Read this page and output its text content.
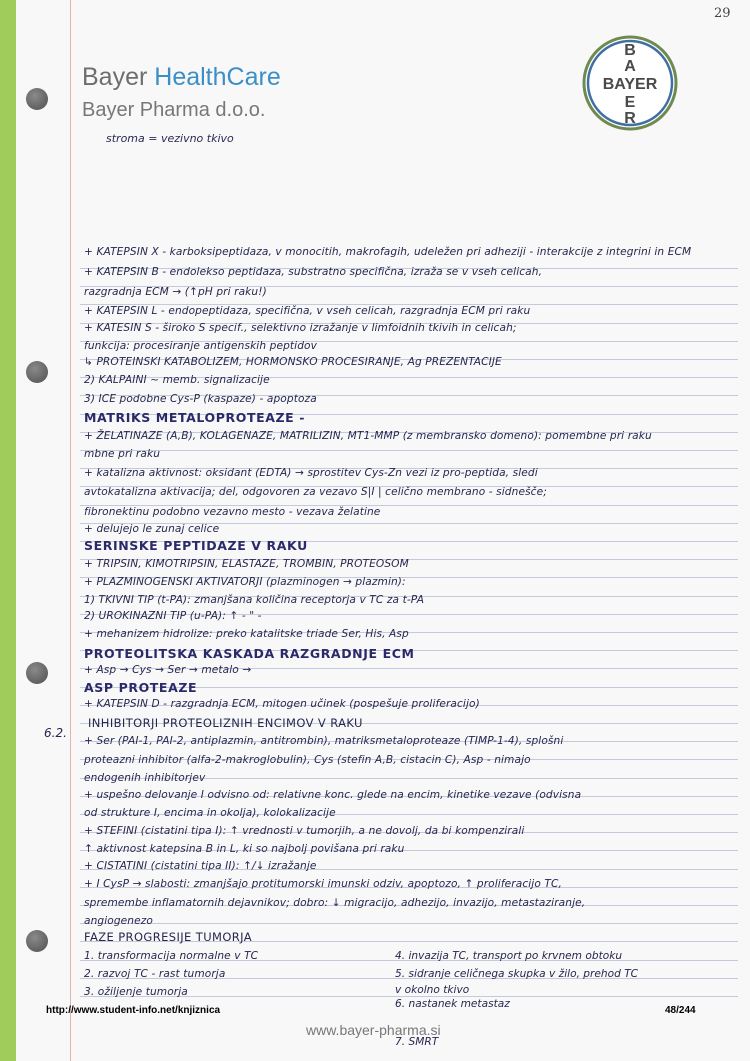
29
Bayer HealthCare
Bayer Pharma d.o.o.
stroma = vezivno tkivo
B
A
BAYER
E
R
+ KATEPSIN X - karboksipeptidaza, v monocitih, makrofagih, udeležen pri adheziji - interakcije z integrini in ECM
+ KATEPSIN B - endolekso peptidaza, substratno specifična, izraža se v vseh celicah,
razgradnja ECM → (↑pH pri raku!)
+ KATEPSIN L - endopeptidaza, specifična, v vseh celicah, razgradnja ECM pri raku
+ KATESIN S - široko S specif., selektivno izražanje v limfoidnih tkivih in celicah;
funkcija: procesiranje antigenskih peptidov
↳ PROTEINSKI KATABOLIZEM, HORMONSKO PROCESIRANJE, Ag PREZENTACIJE
2) KALPAINI ~ memb. signalizacije
3) ICE podobne Cys-P (kaspaze) - apoptoza
MATRIKS METALOPROTEAZE -
+ ŽELATINAZE (A,B), KOLAGENAZE, MATRILIZIN, MT1-MMP (z membransko domeno): pomembne pri raku
mbne pri raku
+ katalizna aktivnost: oksidant (EDTA) → sprostitev Cys-Zn vezi iz pro-peptida, sledi
avtokatalizna aktivacija; del, odgovoren za vezavo S|I | celično membrano - sidnešče;
fibronektinu podobno vezavno mesto - vezava želatine
+ delujejo le zunaj celice
SERINSKE PEPTIDAZE V RAKU
+ TRIPSIN, KIMOTRIPSIN, ELASTAZE, TROMBIN, PROTEOSOM
+ PLAZMINOGENSKI AKTIVATORJI (plazminogen → plazmin):
1) TKIVNI TIP (t-PA): zmanjšana količina receptorja v TC za t-PA
2) UROKINAZNI TIP (u-PA): ↑ - " -
+ mehanizem hidrolize: preko katalitske triade Ser, His, Asp
PROTEOLITSKA KASKADA RAZGRADNJE ECM
+ Asp → Cys → Ser → metalo →
ASP PROTEAZE
+ KATEPSIN D - razgradnja ECM, mitogen učinek (pospešuje proliferacijo)
INHIBITORJI PROTEOLIZNIH ENCIMOV V RAKU
+ Ser (PAI-1, PAI-2, antiplazmin, antitrombin), matriksmetaloproteaze (TIMP-1-4), splošni
proteazni inhibitor (alfa-2-makroglobulin), Cys (stefin A,B, cistacin C), Asp - nimajo
endogenih inhibitorjev
+ uspešno delovanje I odvisno od: relativne konc. glede na encim, kinetike vezave (odvisna
od strukture I, encima in okolja), kolokalizacije
+ STEFINI (cistatini tipa I): ↑ vrednosti v tumorjih, a ne dovolj, da bi kompenzirali
↑ aktivnost katepsina B in L, ki so najbolj povišana pri raku
+ CISTATINI (cistatini tipa II): ↑/↓ izražanje
+ I CysP → slabosti: zmanjšajo protitumorski imunski odziv, apoptozo, ↑ proliferacijo TC,
spremembe inflamatornih dejavnikov; dobro: ↓ migracijo, adhezijo, invazijo, metastaziranje,
angiogenezo
FAZE PROGRESIJE TUMORJA
1. transformacija normalne v TC
2. razvoj TC - rast tumorja
3. ožiljenje tumorja
6.2.
4. invazija TC, transport po krvnem obtoku
5. sidranje celičnega skupka v žilo, prehod TC
v okolno tkivo
6. nastanek metastaz
7. SMRT
http://www.student-info.net/knjiznica	48/244
www.bayer-pharma.si
